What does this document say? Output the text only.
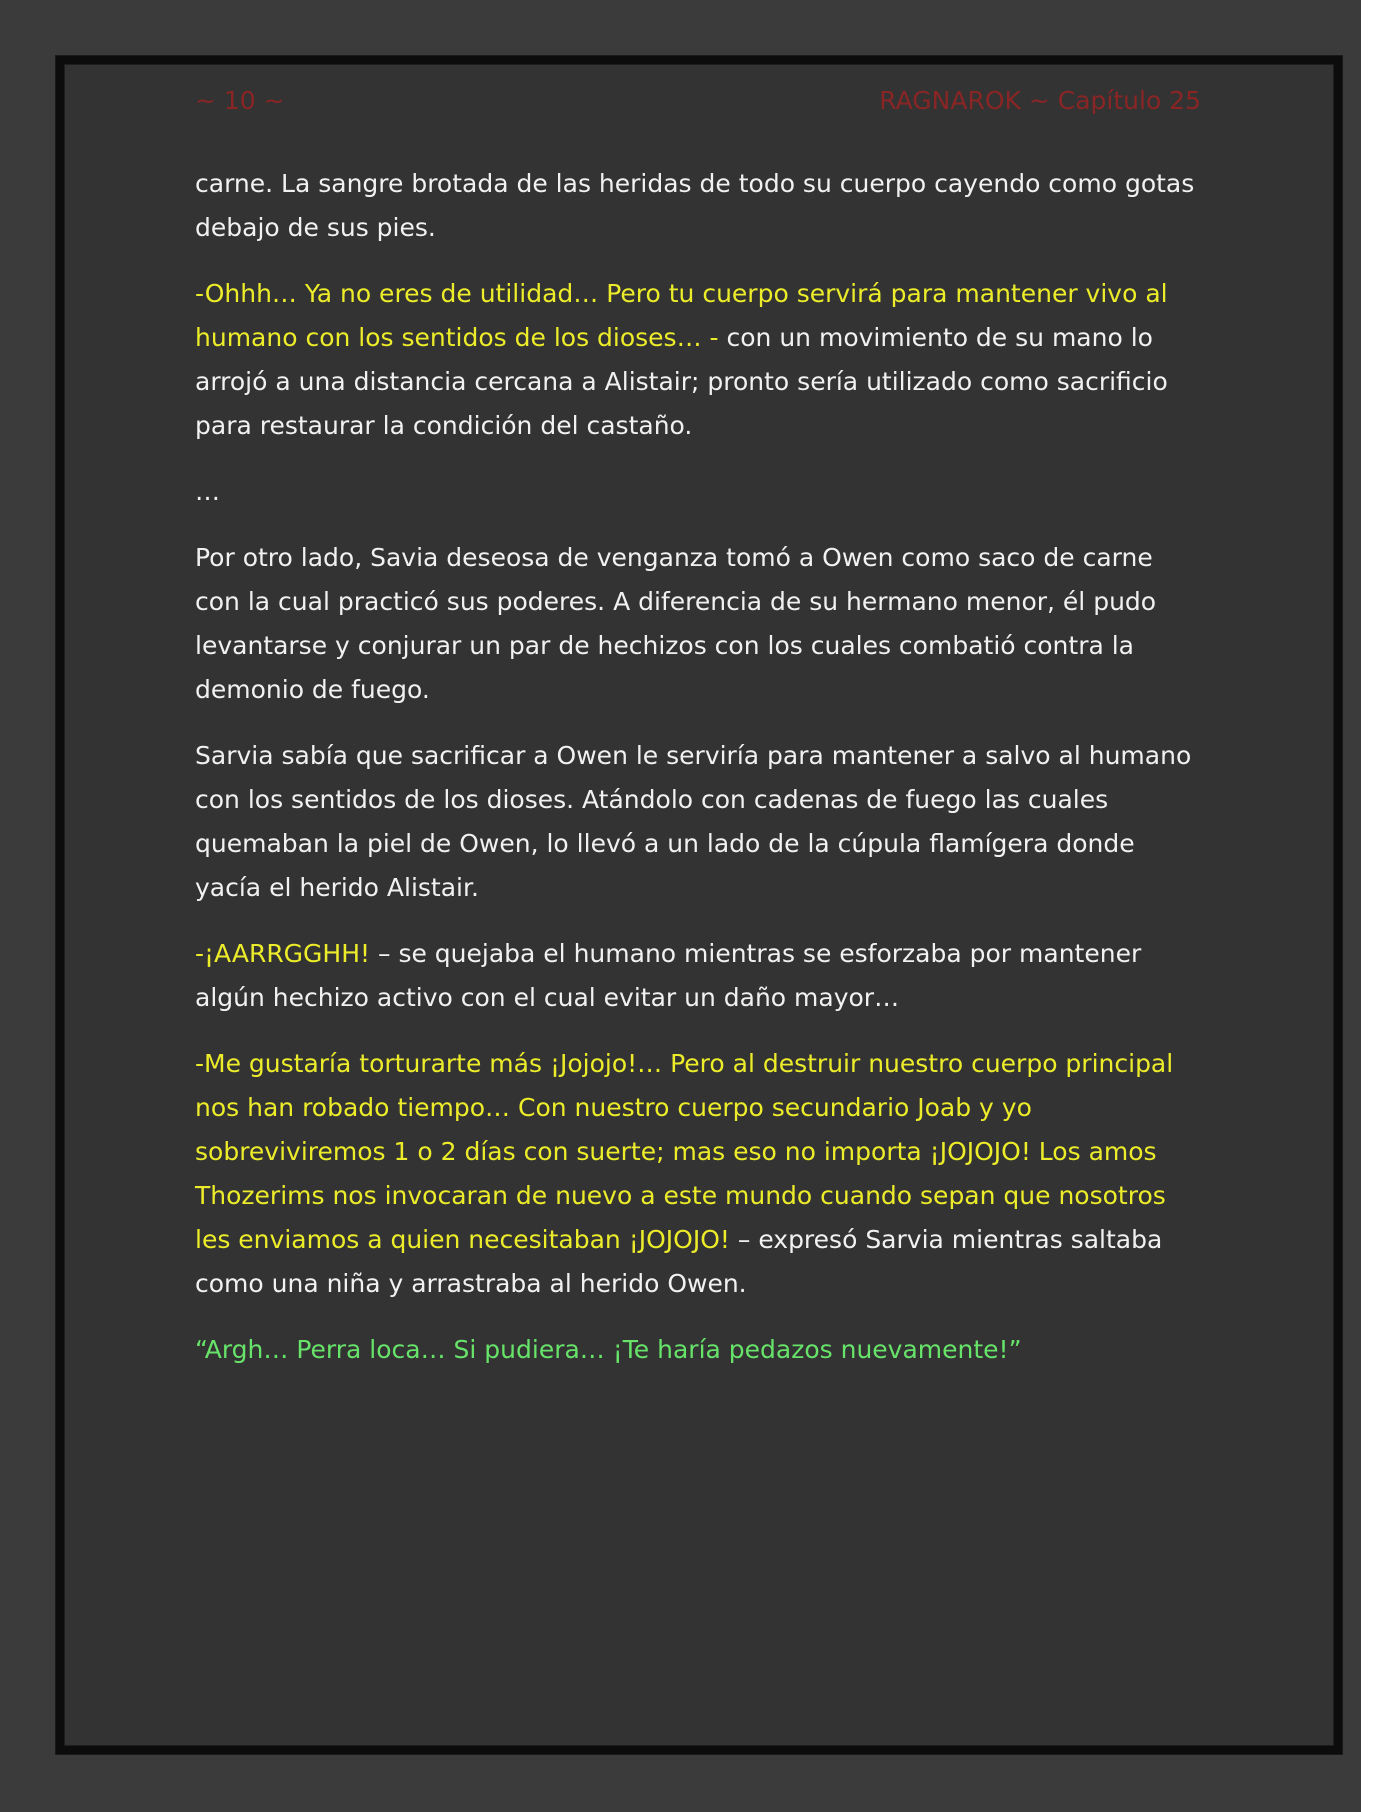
~ 10 ~	RAGNAROK ~ Capítulo 25

carne. La sangre brotada de las heridas de todo su cuerpo cayendo como gotas debajo de sus pies.

-Ohhh… Ya no eres de utilidad… Pero tu cuerpo servirá para mantener vivo al humano con los sentidos de los dioses… - con un movimiento de su mano lo arrojó a una distancia cercana a Alistair; pronto sería utilizado como sacrificio para restaurar la condición del castaño.

…

Por otro lado, Savia deseosa de venganza tomó a Owen como saco de carne con la cual practicó sus poderes. A diferencia de su hermano menor, él pudo levantarse y conjurar un par de hechizos con los cuales combatió contra la demonio de fuego.

Sarvia sabía que sacrificar a Owen le serviría para mantener a salvo al humano con los sentidos de los dioses. Atándolo con cadenas de fuego las cuales quemaban la piel de Owen, lo llevó a un lado de la cúpula flamígera donde yacía el herido Alistair.

-¡AARRGGHH! – se quejaba el humano mientras se esforzaba por mantener algún hechizo activo con el cual evitar un daño mayor…

-Me gustaría torturarte más ¡Jojojo!… Pero al destruir nuestro cuerpo principal nos han robado tiempo… Con nuestro cuerpo secundario Joab y yo sobreviviremos 1 o 2 días con suerte; mas eso no importa ¡JOJOJO! Los amos Thozerims nos invocaran de nuevo a este mundo cuando sepan que nosotros les enviamos a quien necesitaban ¡JOJOJO! – expresó Sarvia mientras saltaba como una niña y arrastraba al herido Owen.

“Argh… Perra loca… Si pudiera… ¡Te haría pedazos nuevamente!”
